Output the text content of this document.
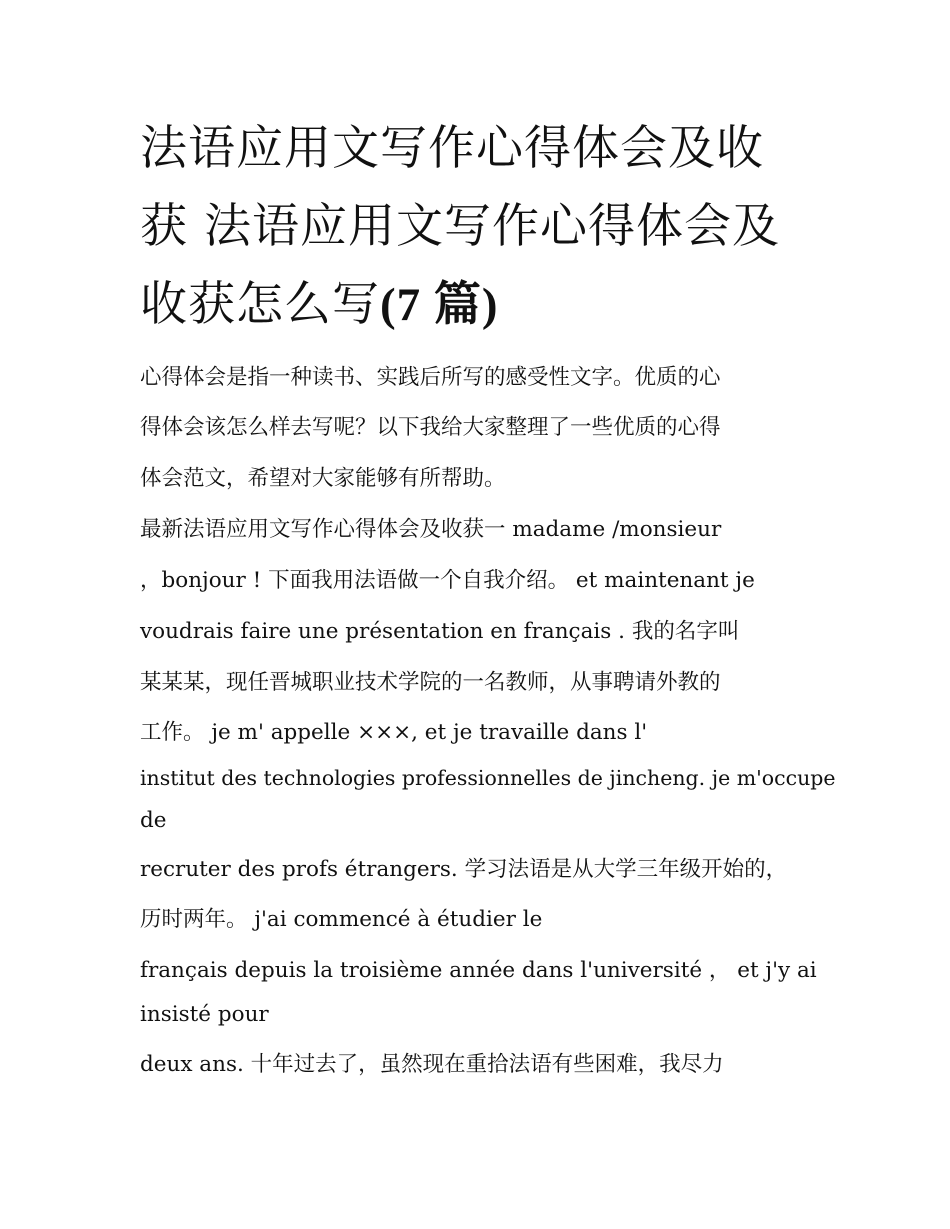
法语应用文写作心得体会及收
获 法语应用文写作心得体会及
收获怎么写(7 篇)

心得体会是指一种读书、实践后所写的感受性文字。优质的心

得体会该怎么样去写呢？以下我给大家整理了一些优质的心得

体会范文，希望对大家能够有所帮助。

最新法语应用文写作心得体会及收获一 madame /monsieur

，bonjour ! 下面我用法语做一个自我介绍。 et maintenant je

voudrais faire une présentation en français . 我的名字叫

某某某，现任晋城职业技术学院的一名教师，从事聘请外教的

工作。 je m' appelle ×××, et je travaille dans l'

institut des technologies professionnelles de jincheng. je m'occupe

de

recruter des profs étrangers. 学习法语是从大学三年级开始的，

历时两年。 j'ai commencé à étudier le

français depuis la troisième année dans l'université ， et j'y ai

insisté pour

deux ans. 十年过去了，虽然现在重拾法语有些困难，我尽力
